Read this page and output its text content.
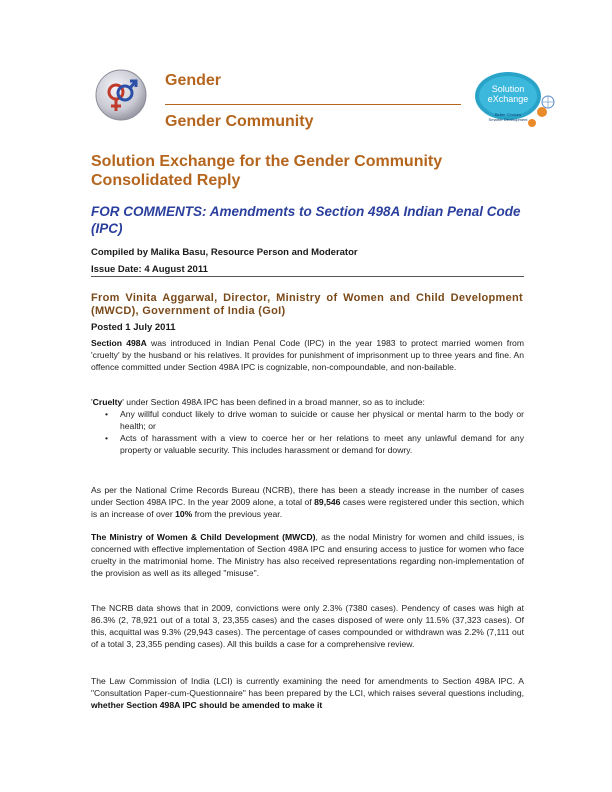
Gender
Gender Community
Solution
eXchange
Better Choices
Smarter Development
Solution Exchange for the Gender Community Consolidated Reply
FOR COMMENTS: Amendments to Section 498A Indian Penal Code (IPC)
Compiled by Malika Basu, Resource Person and Moderator
Issue Date: 4 August 2011
From Vinita Aggarwal, Director, Ministry of Women and Child Development (MWCD), Government of India (GoI)
Posted 1 July 2011
Section 498A was introduced in Indian Penal Code (IPC) in the year 1983 to protect married women from 'cruelty' by the husband or his relatives. It provides for punishment of imprisonment up to three years and fine. An offence committed under Section 498A IPC is cognizable, non-compoundable, and non-bailable.
'Cruelty' under Section 498A IPC has been defined in a broad manner, so as to include:
• Any willful conduct likely to drive woman to suicide or cause her physical or mental harm to the body or health; or
• Acts of harassment with a view to coerce her or her relations to meet any unlawful demand for any property or valuable security. This includes harassment or demand for dowry.
As per the National Crime Records Bureau (NCRB), there has been a steady increase in the number of cases under Section 498A IPC. In the year 2009 alone, a total of 89,546 cases were registered under this section, which is an increase of over 10% from the previous year.
The Ministry of Women & Child Development (MWCD), as the nodal Ministry for women and child issues, is concerned with effective implementation of Section 498A IPC and ensuring access to justice for women who face cruelty in the matrimonial home. The Ministry has also received representations regarding non-implementation of the provision as well as its alleged "misuse".
The NCRB data shows that in 2009, convictions were only 2.3% (7380 cases). Pendency of cases was high at 86.3% (2, 78,921 out of a total 3, 23,355 cases) and the cases disposed of were only 11.5% (37,323 cases). Of this, acquittal was 9.3% (29,943 cases). The percentage of cases compounded or withdrawn was 2.2% (7,111 out of a total 3, 23,355 pending cases). All this builds a case for a comprehensive review.
The Law Commission of India (LCI) is currently examining the need for amendments to Section 498A IPC. A "Consultation Paper-cum-Questionnaire" has been prepared by the LCI, which raises several questions including, whether Section 498A IPC should be amended to make it
